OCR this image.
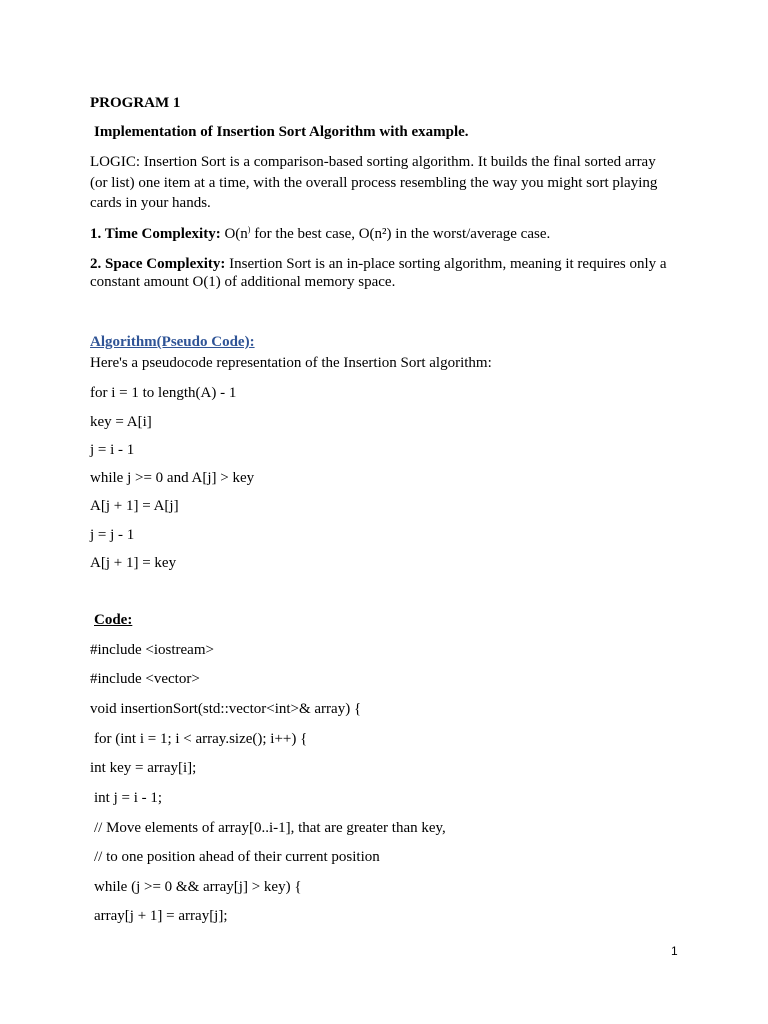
PROGRAM 1
Implementation of Insertion Sort Algorithm with example.
LOGIC: Insertion Sort is a comparison-based sorting algorithm. It builds the final sorted array
(or list) one item at a time, with the overall process resembling the way you might sort playing
cards in your hands.
1. Time Complexity: O(n) for the best case, O(n²) in the worst/average case.
2. Space Complexity: Insertion Sort is an in-place sorting algorithm, meaning it requires only a
constant amount O(1) of additional memory space.
Algorithm(Pseudo Code):
Here's a pseudocode representation of the Insertion Sort algorithm:
for i = 1 to length(A) - 1
key = A[i]
j = i - 1
while j >= 0 and A[j] > key
A[j + 1] = A[j]
j = j - 1
A[j + 1] = key
Code:
#include <iostream>
#include <vector>
void insertionSort(std::vector<int>& array) {
for (int i = 1; i < array.size(); i++) {
int key = array[i];
int j = i - 1;
// Move elements of array[0..i-1], that are greater than key,
// to one position ahead of their current position
while (j >= 0 && array[j] > key) {
array[j + 1] = array[j];
1
